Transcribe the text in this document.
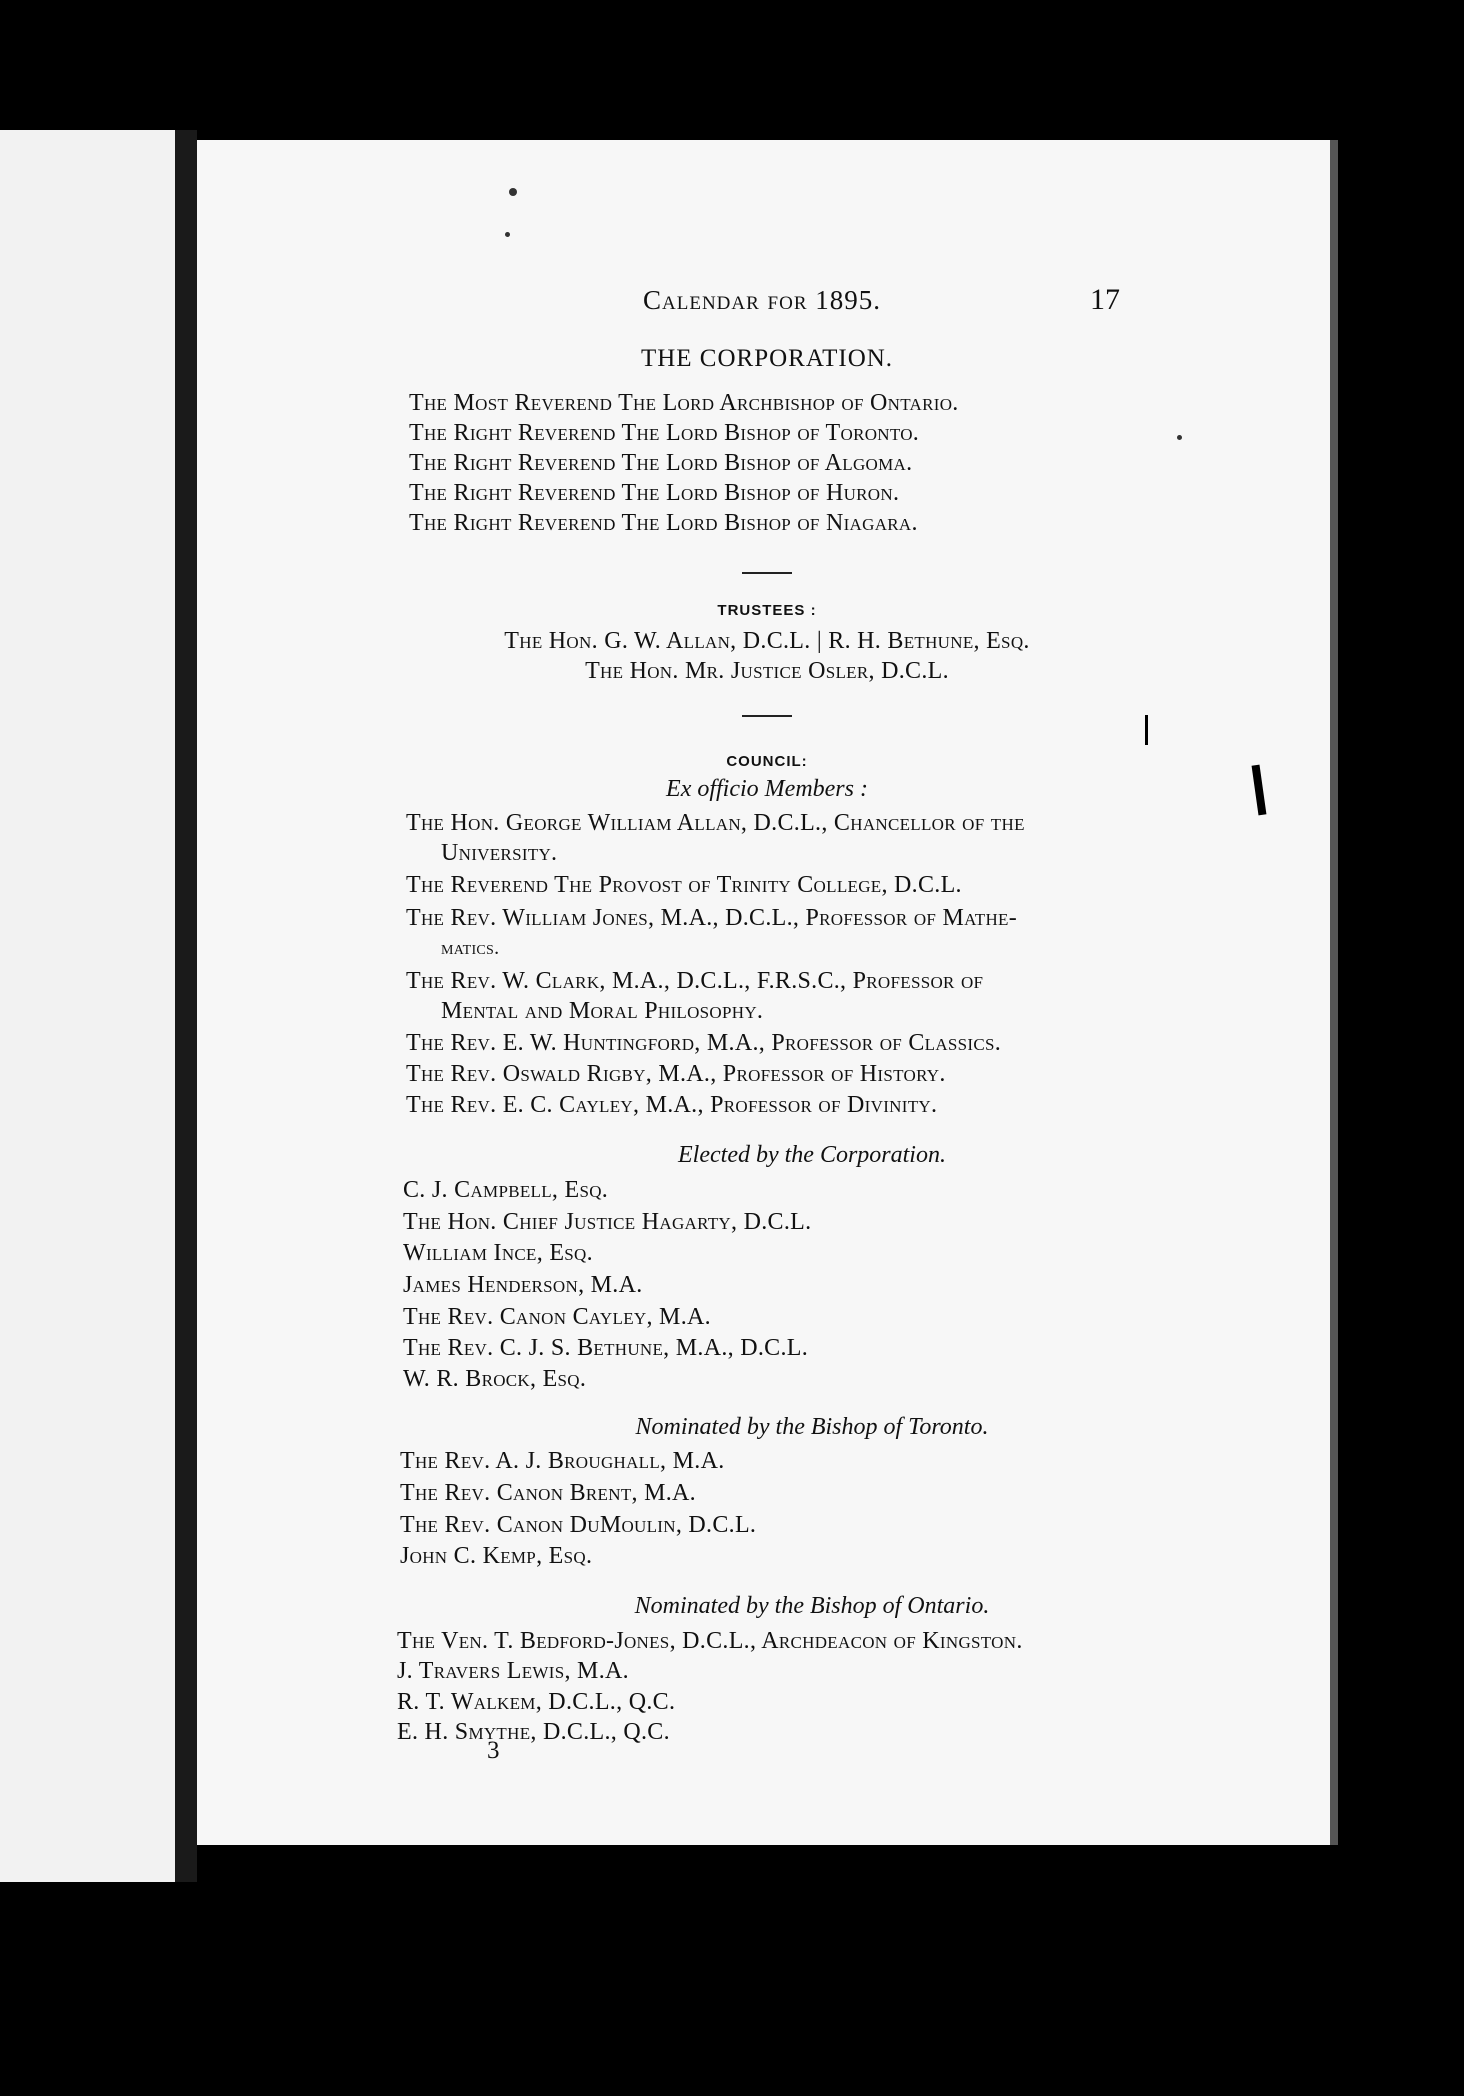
Calendar for 1895.	17
THE CORPORATION.
The Most Reverend The Lord Archbishop of Ontario.
The Right Reverend The Lord Bishop of Toronto.
The Right Reverend The Lord Bishop of Algoma.
The Right Reverend The Lord Bishop of Huron.
The Right Reverend The Lord Bishop of Niagara.
TRUSTEES :
The Hon. G. W. Allan, D.C.L. | R. H. Bethune, Esq.
The Hon. Mr. Justice Osler, D.C.L.
COUNCIL:
Ex officio Members :
The Hon. George William Allan, D.C.L., Chancellor of the
University.
The Reverend The Provost of Trinity College, D.C.L.
The Rev. William Jones, M.A., D.C.L., Professor of Mathe-
matics.
The Rev. W. Clark, M.A., D.C.L., F.R.S.C., Professor of
Mental and Moral Philosophy.
The Rev. E. W. Huntingford, M.A., Professor of Classics.
The Rev. Oswald Rigby, M.A., Professor of History.
The Rev. E. C. Cayley, M.A., Professor of Divinity.
Elected by the Corporation.
C. J. Campbell, Esq.
The Hon. Chief Justice Hagarty, D.C.L.
William Ince, Esq.
James Henderson, M.A.
The Rev. Canon Cayley, M.A.
The Rev. C. J. S. Bethune, M.A., D.C.L.
W. R. Brock, Esq.
Nominated by the Bishop of Toronto.
The Rev. A. J. Broughall, M.A.
The Rev. Canon Brent, M.A.
The Rev. Canon DuMoulin, D.C.L.
John C. Kemp, Esq.
Nominated by the Bishop of Ontario.
The Ven. T. Bedford-Jones, D.C.L., Archdeacon of Kingston.
J. Travers Lewis, M.A.
R. T. Walkem, D.C.L., Q.C.
E. H. Smythe, D.C.L., Q.C.
3
